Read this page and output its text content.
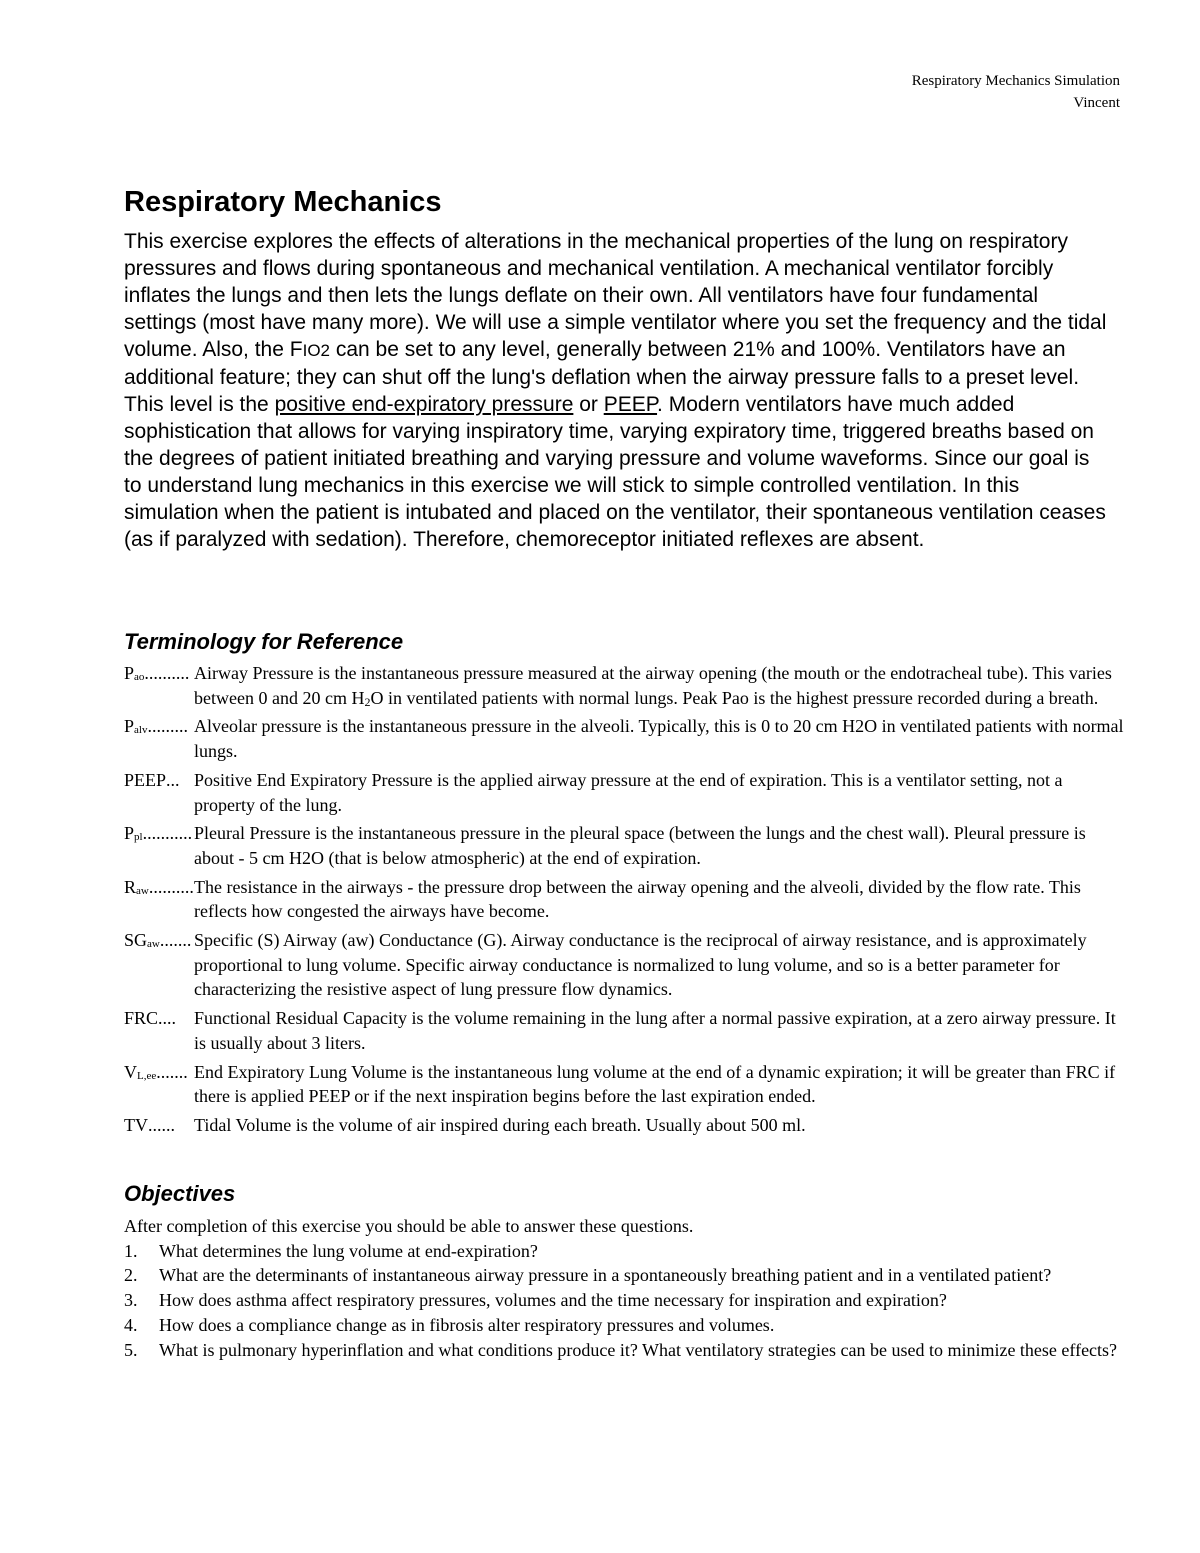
Respiratory Mechanics Simulation
Vincent
Respiratory Mechanics

This exercise explores the effects of alterations in the mechanical properties of the lung on respiratory pressures and flows during spontaneous and mechanical ventilation. A mechanical ventilator forcibly inflates the lungs and then lets the lungs deflate on their own. All ventilators have four fundamental settings (most have many more). We will use a simple ventilator where you set the frequency and the tidal volume. Also, the FIO2 can be set to any level, generally between 21% and 100%. Ventilators have an additional feature; they can shut off the lung's deflation when the airway pressure falls to a preset level. This level is the positive end-expiratory pressure or PEEP. Modern ventilators have much added sophistication that allows for varying inspiratory time, varying expiratory time, triggered breaths based on the degrees of patient initiated breathing and varying pressure and volume waveforms. Since our goal is to understand lung mechanics in this exercise we will stick to simple controlled ventilation. In this simulation when the patient is intubated and placed on the ventilator, their spontaneous ventilation ceases (as if paralyzed with sedation). Therefore, chemoreceptor initiated reflexes are absent.

Terminology for Reference
Pao.......... Airway Pressure is the instantaneous pressure measured at the airway opening (the mouth or the endotracheal tube). This varies between 0 and 20 cm H2O in ventilated patients with normal lungs. Peak Pao is the highest pressure recorded during a breath.
Palv......... Alveolar pressure is the instantaneous pressure in the alveoli. Typically, this is 0 to 20 cm H2O in ventilated patients with normal lungs.
PEEP... Positive End Expiratory Pressure is the applied airway pressure at the end of expiration. This is a ventilator setting, not a property of the lung.
Ppl........... Pleural Pressure is the instantaneous pressure in the pleural space (between the lungs and the chest wall). Pleural pressure is about - 5 cm H2O (that is below atmospheric) at the end of expiration.
Raw.......... The resistance in the airways - the pressure drop between the airway opening and the alveoli, divided by the flow rate. This reflects how congested the airways have become.
SGaw....... Specific (S) Airway (aw) Conductance (G). Airway conductance is the reciprocal of airway resistance, and is approximately proportional to lung volume. Specific airway conductance is normalized to lung volume, and so is a better parameter for characterizing the resistive aspect of lung pressure flow dynamics.
FRC.... Functional Residual Capacity is the volume remaining in the lung after a normal passive expiration, at a zero airway pressure. It is usually about 3 liters.
VL,ee....... End Expiratory Lung Volume is the instantaneous lung volume at the end of a dynamic expiration; it will be greater than FRC if there is applied PEEP or if the next inspiration begins before the last expiration ended.
TV......	Tidal Volume is the volume of air inspired during each breath. Usually about 500 ml.
Objectives

After completion of this exercise you should be able to answer these questions.

1.	What determines the lung volume at end-expiration?
2.	What are the determinants of instantaneous airway pressure in a spontaneously breathing patient and in a ventilated patient?
3.	How does asthma affect respiratory pressures, volumes and the time necessary for inspiration and expiration?
4.	How does a compliance change as in fibrosis alter respiratory pressures and volumes.
5.	What is pulmonary hyperinflation and what conditions produce it? What ventilatory strategies can be used to minimize these effects?
